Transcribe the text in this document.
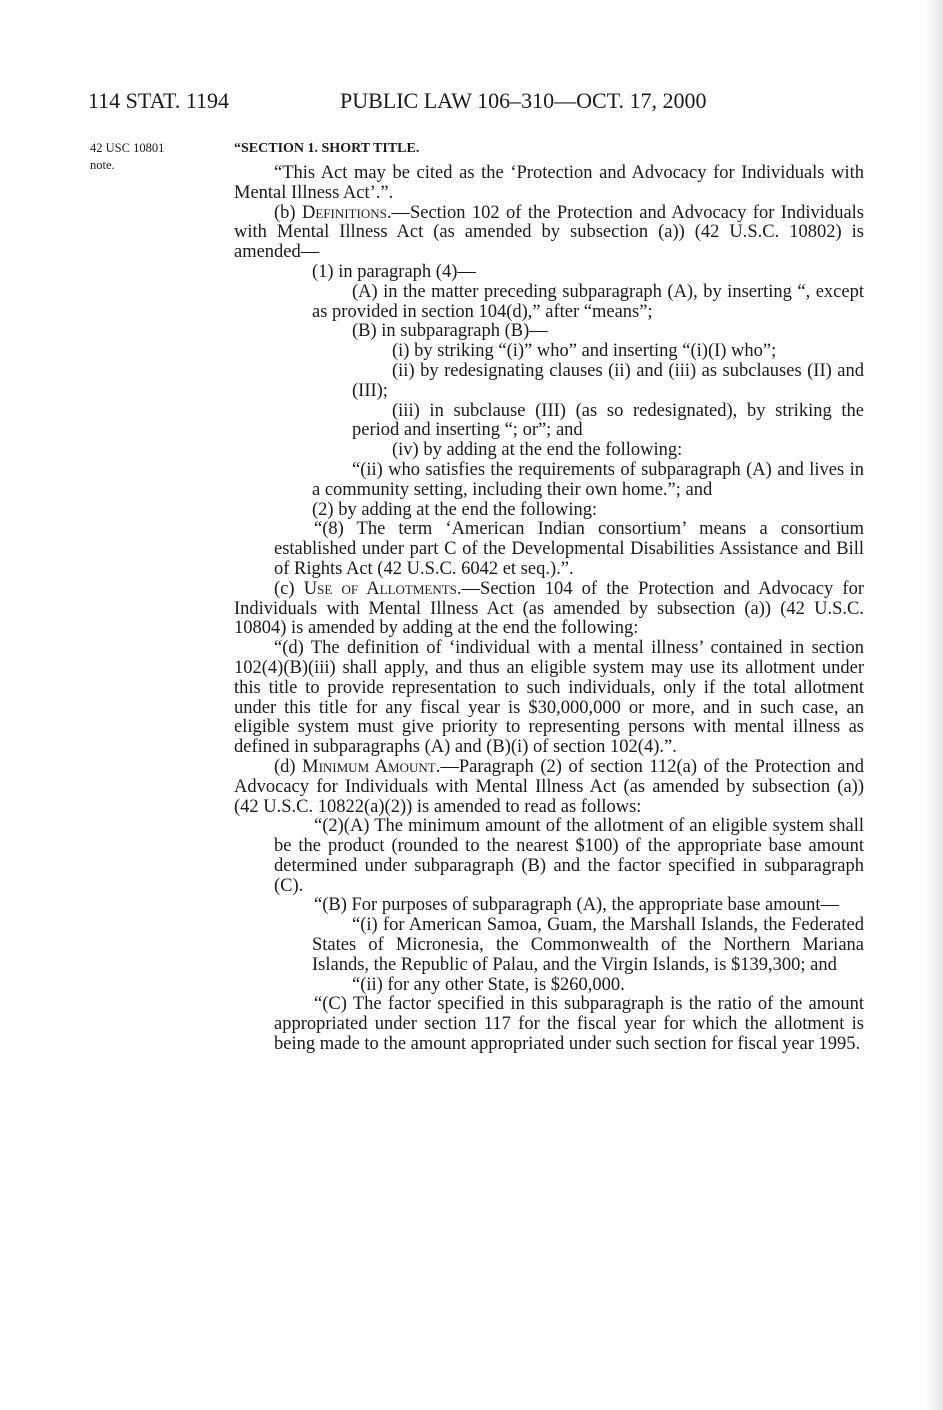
114 STAT. 1194	PUBLIC LAW 106–310—OCT. 17, 2000
42 USC 10801
note.
“SECTION 1. SHORT TITLE.
“This Act may be cited as the ‘Protection and Advocacy for Individuals with Mental Illness Act’.”.
(b) Definitions.—Section 102 of the Protection and Advocacy for Individuals with Mental Illness Act (as amended by subsection (a)) (42 U.S.C. 10802) is amended—
(1) in paragraph (4)—
(A) in the matter preceding subparagraph (A), by inserting “, except as provided in section 104(d),” after “means”;
(B) in subparagraph (B)—
(i) by striking “(i)” who” and inserting “(i)(I) who”;
(ii) by redesignating clauses (ii) and (iii) as subclauses (II) and (III);
(iii) in subclause (III) (as so redesignated), by striking the period and inserting “; or”; and
(iv) by adding at the end the following:
“(ii) who satisfies the requirements of subparagraph (A) and lives in a community setting, including their own home.”; and
(2) by adding at the end the following:
“(8) The term ‘American Indian consortium’ means a consortium established under part C of the Developmental Disabilities Assistance and Bill of Rights Act (42 U.S.C. 6042 et seq.).”.
(c) Use of Allotments.—Section 104 of the Protection and Advocacy for Individuals with Mental Illness Act (as amended by subsection (a)) (42 U.S.C. 10804) is amended by adding at the end the following:
“(d) The definition of ‘individual with a mental illness’ contained in section 102(4)(B)(iii) shall apply, and thus an eligible system may use its allotment under this title to provide representation to such individuals, only if the total allotment under this title for any fiscal year is $30,000,000 or more, and in such case, an eligible system must give priority to representing persons with mental illness as defined in subparagraphs (A) and (B)(i) of section 102(4).”.
(d) Minimum Amount.—Paragraph (2) of section 112(a) of the Protection and Advocacy for Individuals with Mental Illness Act (as amended by subsection (a)) (42 U.S.C. 10822(a)(2)) is amended to read as follows:
“(2)(A) The minimum amount of the allotment of an eligible system shall be the product (rounded to the nearest $100) of the appropriate base amount determined under subparagraph (B) and the factor specified in subparagraph (C).
“(B) For purposes of subparagraph (A), the appropriate base amount—
“(i) for American Samoa, Guam, the Marshall Islands, the Federated States of Micronesia, the Commonwealth of the Northern Mariana Islands, the Republic of Palau, and the Virgin Islands, is $139,300; and
“(ii) for any other State, is $260,000.
“(C) The factor specified in this subparagraph is the ratio of the amount appropriated under section 117 for the fiscal year for which the allotment is being made to the amount appropriated under such section for fiscal year 1995.
